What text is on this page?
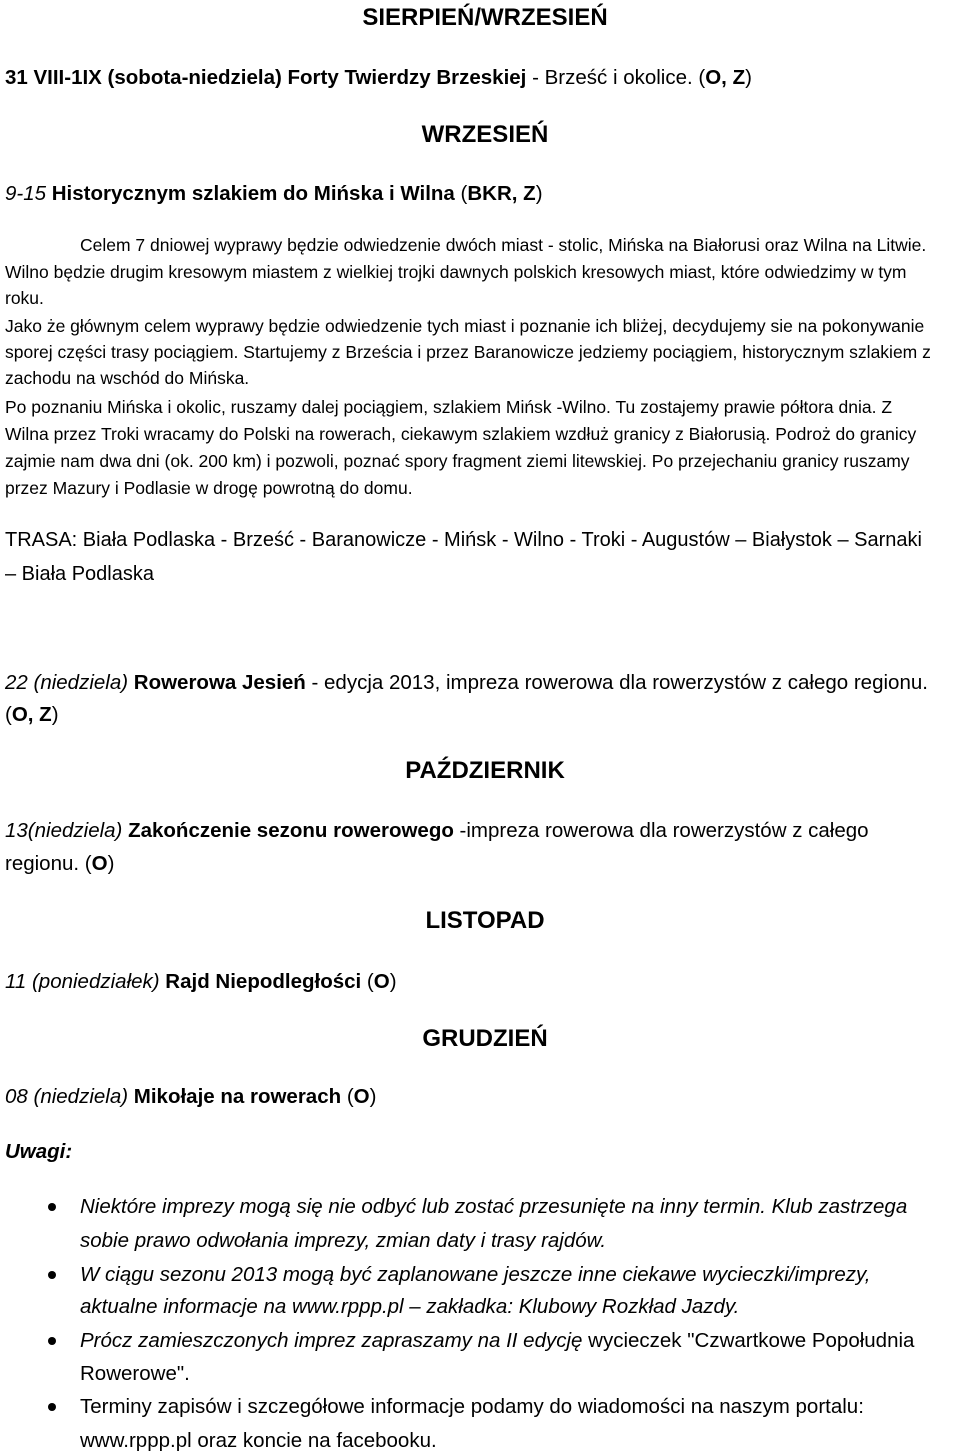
SIERPIEŃ/WRZESIEŃ
31 VIII-1IX (sobota-niedziela) Forty Twierdzy Brzeskiej - Brześć i okolice. (O, Z)
WRZESIEŃ
9-15 Historycznym szlakiem do Mińska i Wilna (BKR, Z)
Celem 7 dniowej wyprawy będzie odwiedzenie dwóch miast - stolic, Mińska na Białorusi oraz Wilna na Litwie.
Wilno będzie drugim kresowym miastem z wielkiej trojki dawnych polskich kresowych miast, które odwiedzimy w tym
roku.
Jako że głównym celem wyprawy będzie odwiedzenie tych miast i poznanie ich bliżej, decydujemy sie na pokonywanie
sporej części trasy pociągiem. Startujemy z Brześcia i przez Baranowicze jedziemy pociągiem, historycznym szlakiem z
zachodu na wschód do Mińska.
Po poznaniu Mińska i okolic, ruszamy dalej pociągiem, szlakiem Mińsk -Wilno. Tu zostajemy prawie półtora dnia. Z
Wilna przez Troki wracamy do Polski na rowerach, ciekawym szlakiem wzdłuż granicy z Białorusią. Podroż do granicy
zajmie nam dwa dni (ok. 200 km) i pozwoli, poznać spory fragment ziemi litewskiej. Po przejechaniu granicy ruszamy
przez Mazury i Podlasie w drogę powrotną do domu.
TRASA: Biała Podlaska - Brześć - Baranowicze - Mińsk - Wilno - Troki - Augustów – Białystok – Sarnaki
– Biała Podlaska
22 (niedziela) Rowerowa Jesień - edycja 2013, impreza rowerowa dla rowerzystów z całego regionu.
(O, Z)
PAŹDZIERNIK
13(niedziela) Zakończenie sezonu rowerowego -impreza rowerowa dla rowerzystów z całego
regionu. (O)
LISTOPAD
11 (poniedziałek) Rajd Niepodległości (O)
GRUDZIEŃ
08 (niedziela) Mikołaje na rowerach (O)
Uwagi:
Niektóre imprezy mogą się nie odbyć lub zostać przesunięte na inny termin. Klub zastrzega
sobie prawo odwołania imprezy, zmian daty i trasy rajdów.
W ciągu sezonu 2013 mogą być zaplanowane jeszcze inne ciekawe wycieczki/imprezy,
aktualne informacje na www.rppp.pl – zakładka: Klubowy Rozkład Jazdy.
Prócz zamieszczonych imprez zapraszamy na II edycję wycieczek "Czwartkowe Popołudnia
Rowerowe".
Terminy zapisów i szczegółowe informacje podamy do wiadomości na naszym portalu:
www.rppp.pl oraz koncie na facebooku.
